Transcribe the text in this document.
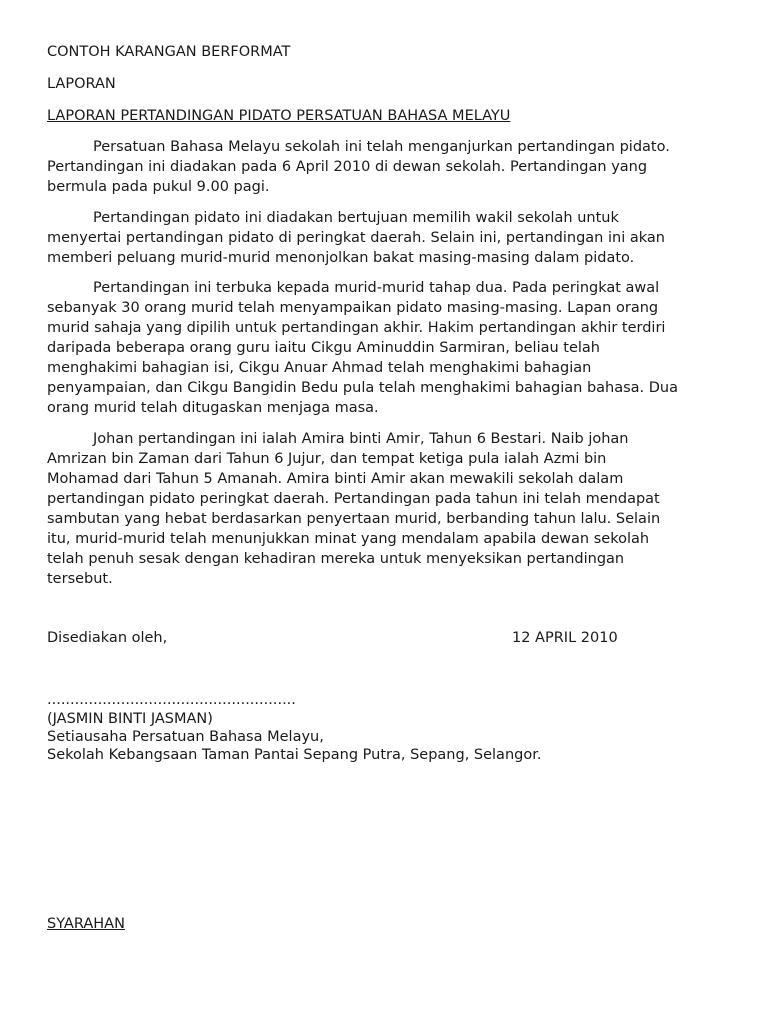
CONTOH KARANGAN BERFORMAT
LAPORAN
LAPORAN PERTANDINGAN PIDATO PERSATUAN BAHASA MELAYU
Persatuan Bahasa Melayu sekolah ini telah menganjurkan pertandingan pidato.
Pertandingan ini diadakan pada 6 April 2010 di dewan sekolah. Pertandingan yang
bermula pada pukul 9.00 pagi.
Pertandingan pidato ini diadakan bertujuan memilih wakil sekolah untuk
menyertai pertandingan pidato di peringkat daerah. Selain ini, pertandingan ini akan
memberi peluang murid-murid menonjolkan bakat masing-masing dalam pidato.
Pertandingan ini terbuka kepada murid-murid tahap dua. Pada peringkat awal
sebanyak 30 orang murid telah menyampaikan pidato masing-masing. Lapan orang
murid sahaja yang dipilih untuk pertandingan akhir. Hakim pertandingan akhir terdiri
daripada beberapa orang guru iaitu Cikgu Aminuddin Sarmiran, beliau telah
menghakimi bahagian isi, Cikgu Anuar Ahmad telah menghakimi bahagian
penyampaian, dan Cikgu Bangidin Bedu pula telah menghakimi bahagian bahasa. Dua
orang murid telah ditugaskan menjaga masa.
Johan pertandingan ini ialah Amira binti Amir, Tahun 6 Bestari. Naib johan
Amrizan bin Zaman dari Tahun 6 Jujur, dan tempat ketiga pula ialah Azmi bin
Mohamad dari Tahun 5 Amanah. Amira binti Amir akan mewakili sekolah dalam
pertandingan pidato peringkat daerah. Pertandingan pada tahun ini telah mendapat
sambutan yang hebat berdasarkan penyertaan murid, berbanding tahun lalu. Selain
itu, murid-murid telah menunjukkan minat yang mendalam apabila dewan sekolah
telah penuh sesak dengan kehadiran mereka untuk menyeksikan pertandingan
tersebut.
Disediakan oleh,	12 APRIL 2010
......................................................
(JASMIN BINTI JASMAN)
Setiausaha Persatuan Bahasa Melayu,
Sekolah Kebangsaan Taman Pantai Sepang Putra, Sepang, Selangor.
SYARAHAN
